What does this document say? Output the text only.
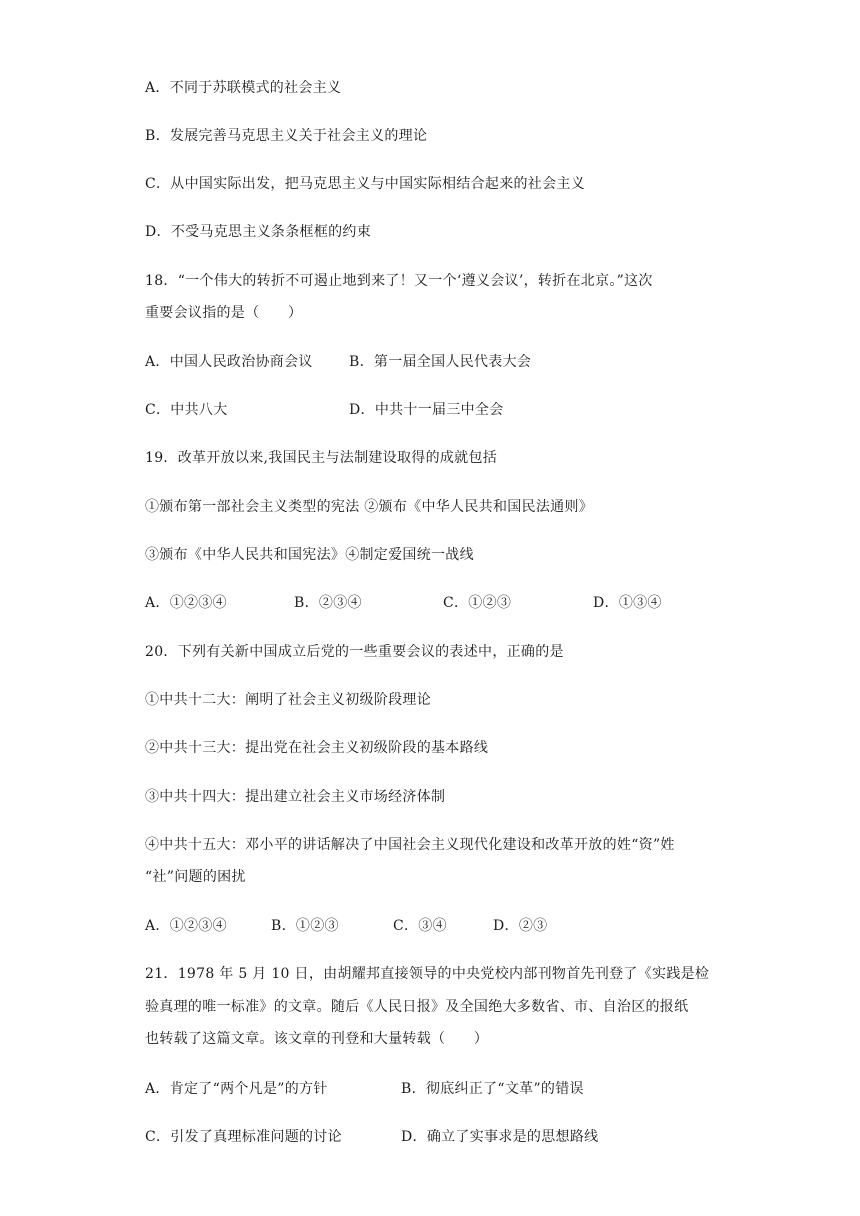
A．不同于苏联模式的社会主义
B．发展完善马克思主义关于社会主义的理论
C．从中国实际出发，把马克思主义与中国实际相结合起来的社会主义
D．不受马克思主义条条框框的约束
18．“一个伟大的转折不可遏止地到来了！又一个‘遵义会议’，转折在北京。”这次
重要会议指的是（　　）
A．中国人民政治协商会议	B．第一届全国人民代表大会
C．中共八大	D．中共十一届三中全会
19．改革开放以来,我国民主与法制建设取得的成就包括
①颁布第一部社会主义类型的宪法 ②颁布《中华人民共和国民法通则》
③颁布《中华人民共和国宪法》④制定爱国统一战线
A．①②③④	B．②③④	C．①②③	D．①③④
20．下列有关新中国成立后党的一些重要会议的表述中，正确的是
①中共十二大：阐明了社会主义初级阶段理论
②中共十三大：提出党在社会主义初级阶段的基本路线
③中共十四大：提出建立社会主义市场经济体制
④中共十五大：邓小平的讲话解决了中国社会主义现代化建设和改革开放的姓“资”姓
“社”问题的困扰
A．①②③④	B．①②③	C．③④	D．②③
21．1978 年 5 月 10 日，由胡耀邦直接领导的中央党校内部刊物首先刊登了《实践是检
验真理的唯一标准》的文章。随后《人民日报》及全国绝大多数省、市、自治区的报纸
也转载了这篇文章。该文章的刊登和大量转载（　　）
A．肯定了“两个凡是”的方针	B．彻底纠正了“文革”的错误
C．引发了真理标准问题的讨论	D．确立了实事求是的思想路线
